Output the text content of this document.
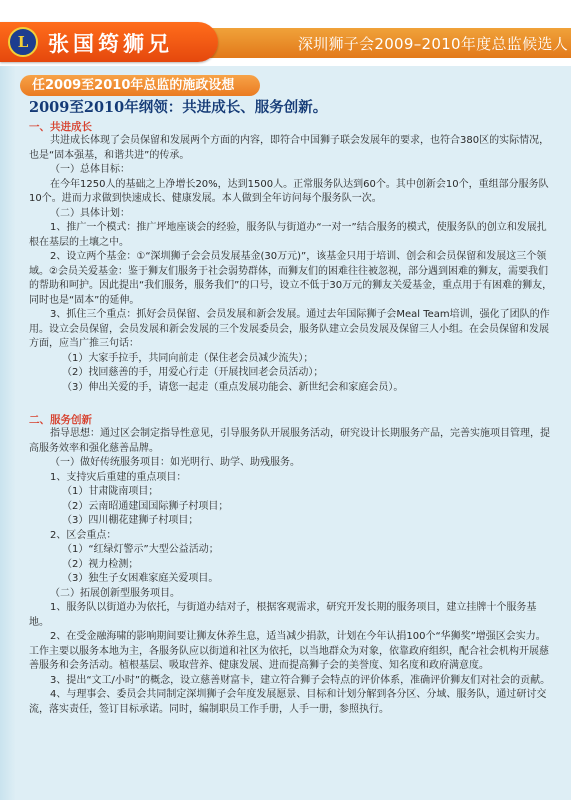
L 张国筠狮兄	深圳狮子会2009–2010年度总监候选人
任2009至2010年总监的施政设想
2009至2010年纲领：共进成长、服务创新。
一、共进成长

共进成长体现了会员保留和发展两个方面的内容，即符合中国狮子联会发展年的要求，也符合380区的实际情况，也是“固本强基，和谐共进”的传承。

（一）总体目标：

在今年1250人的基础之上净增长20%，达到1500人。正常服务队达到60个。其中创新会10个，重组部分服务队10个。进而力求做到快速成长、健康发展。本人做到全年访问每个服务队一次。

（二）具体计划：

1、推广一个模式：推广坪地座谈会的经验，服务队与街道办“一对一”结合服务的模式，使服务队的创立和发展扎根在基层的土壤之中。

2、设立两个基金：①“深圳狮子会会员发展基金(30万元)”，该基金只用于培训、创会和会员保留和发展这三个领域。②会员关爱基金：鉴于狮友们服务于社会弱势群体，而狮友们的困难往往被忽视，部分遇到困难的狮友，需要我们的帮助和呵护。因此提出“我们服务，服务我们”的口号，设立不低于30万元的狮友关爱基金，重点用于有困难的狮友，同时也是“固本”的延伸。

3、抓住三个重点：抓好会员保留、会员发展和新会发展。通过去年国际狮子会Meal Team培训，强化了团队的作用。设立会员保留，会员发展和新会发展的三个发展委员会，服务队建立会员发展及保留三人小组。在会员保留和发展方面，应当广推三句话：

（1）大家手拉手，共同向前走（保住老会员减少流失）；

（2）找回慈善的手，用爱心行走（开展找回老会员活动）；

（3）伸出关爱的手，请您一起走（重点发展功能会、新世纪会和家庭会员）。

二、服务创新

指导思想：通过区会制定指导性意见，引导服务队开展服务活动，研究设计长期服务产品，完善实施项目管理，提高服务效率和强化慈善品牌。

（一）做好传统服务项目：如光明行、助学、助残服务。

1、支持灾后重建的重点项目：

（1）甘肃陇南项目；

（2）云南昭通建国国际狮子村项目；

（3）四川棚花建狮子村项目；

2、区会重点：

（1）“红绿灯警示”大型公益活动；

（2）视力检测；

（3）独生子女困难家庭关爱项目。

（二）拓展创新型服务项目。

1、服务队以街道办为依托，与街道办结对子，根据客观需求，研究开发长期的服务项目，建立挂牌十个服务基地。

2、在受金融海啸的影响期间要让狮友休养生息，适当减少捐款，计划在今年认捐100个“华狮奖”增强区会实力。工作主要以服务本地为主，各服务队应以街道和社区为依托，以当地群众为对象，依靠政府组织，配合社会机构开展慈善服务和会务活动。植根基层、吸取营养、健康发展、进而提高狮子会的美誉度、知名度和政府满意度。

3、提出“文工/小时”的概念，设立慈善财富卡，建立符合狮子会特点的评价体系，准确评价狮友们对社会的贡献。

4、与理事会、委员会共同制定深圳狮子会年度发展愿景、目标和计划分解到各分区、分域、服务队，通过研讨交流，落实责任，签订目标承诺。同时，编制职员工作手册，人手一册，参照执行。
